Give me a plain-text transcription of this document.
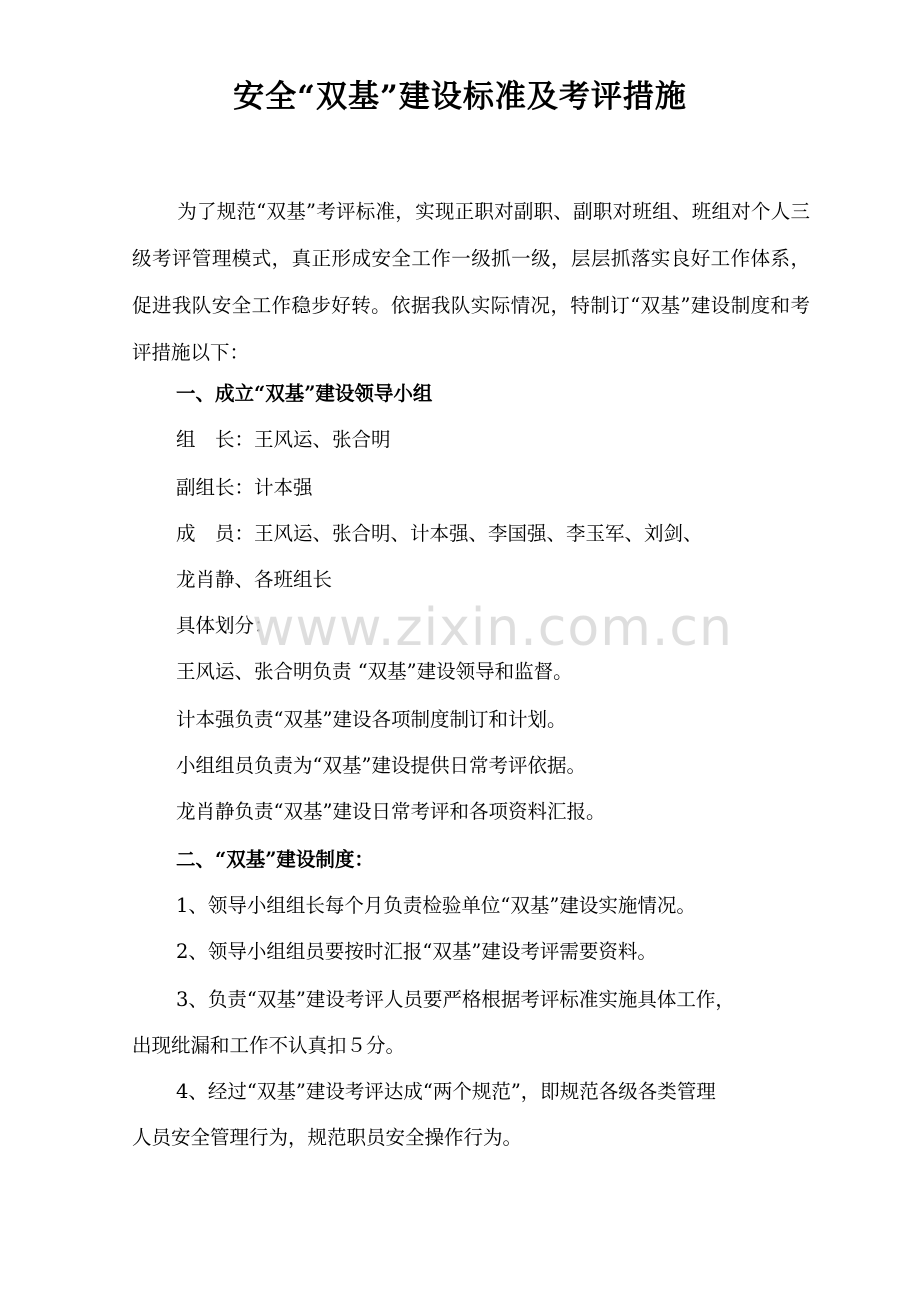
安全“双基”建设标准及考评措施

为了规范“双基”考评标准，实现正职对副职、副职对班组、班组对个人三级考评管理模式，真正形成安全工作一级抓一级，层层抓落实良好工作体系，促进我队安全工作稳步好转。依据我队实际情况，特制订“双基”建设制度和考评措施以下：

一、成立“双基”建设领导小组

组　长：王风运、张合明

副组长：计本强

成　员：王风运、张合明、计本强、李国强、李玉军、刘剑、

龙肖静、各班组长

具体划分：

王风运、张合明负责 “双基”建设领导和监督。

计本强负责“双基”建设各项制度制订和计划。

小组组员负责为“双基”建设提供日常考评依据。

龙肖静负责“双基”建设日常考评和各项资料汇报。

二、“双基”建设制度：

1、领导小组组长每个月负责检验单位“双基”建设实施情况。

2、领导小组组员要按时汇报“双基”建设考评需要资料。

3、负责“双基”建设考评人员要严格根据考评标准实施具体工作，

出现纰漏和工作不认真扣５分。

4、经过“双基”建设考评达成“两个规范”，即规范各级各类管理

人员安全管理行为，规范职员安全操作行为。

www.zixin.com.cn
